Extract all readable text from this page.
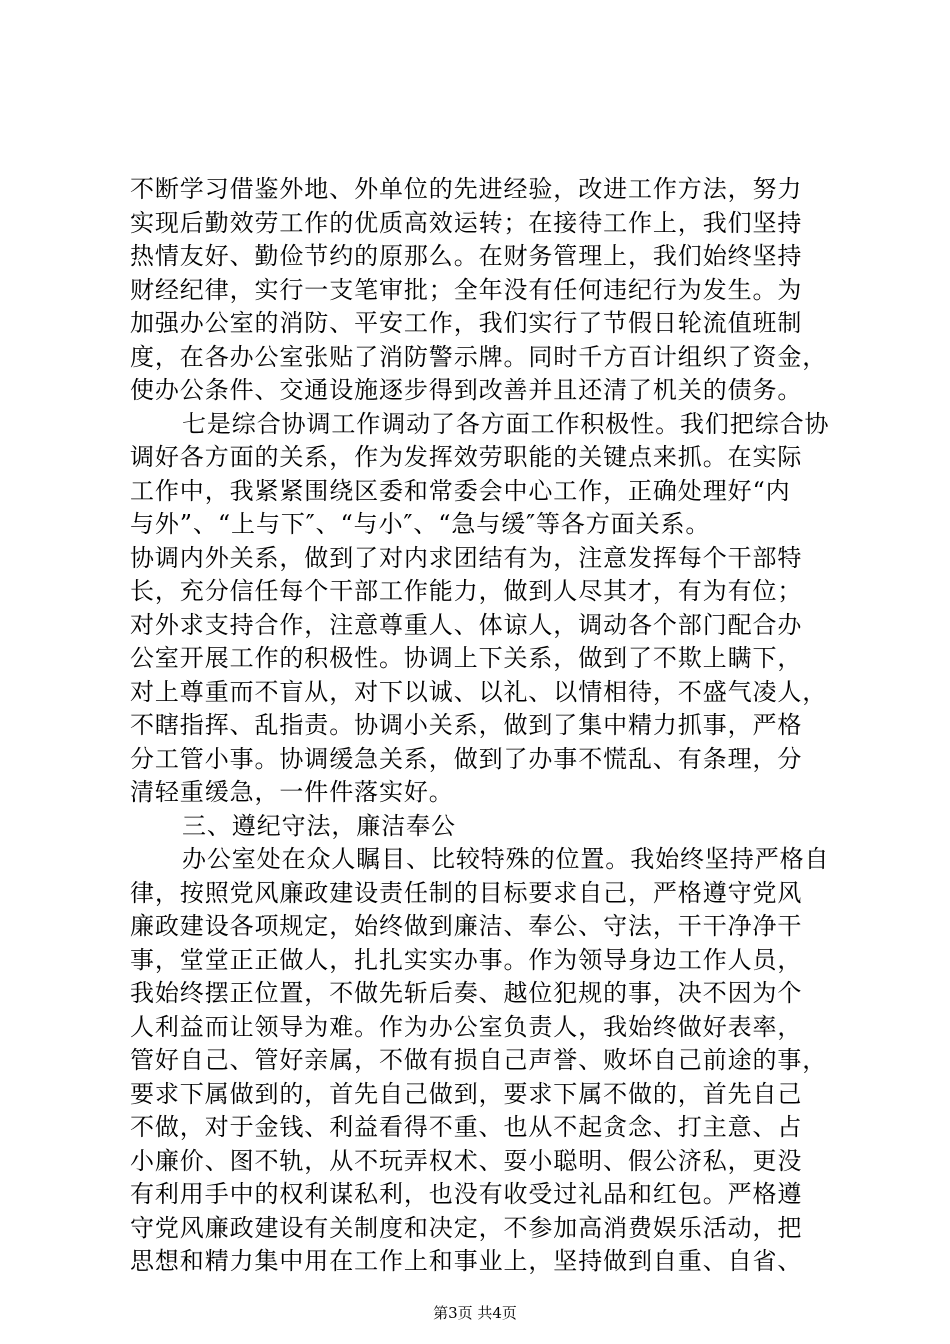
不断学习借鉴外地、外单位的先进经验，改进工作方法，努力
实现后勤效劳工作的优质高效运转；在接待工作上，我们坚持
热情友好、勤俭节约的原那么。在财务管理上，我们始终坚持
财经纪律，实行一支笔审批；全年没有任何违纪行为发生。为
加强办公室的消防、平安工作，我们实行了节假日轮流值班制
度，在各办公室张贴了消防警示牌。同时千方百计组织了资金，
使办公条件、交通设施逐步得到改善并且还清了机关的债务。
七是综合协调工作调动了各方面工作积极性。我们把综合协
调好各方面的关系，作为发挥效劳职能的关键点来抓。在实际
工作中，我紧紧围绕区委和常委会中心工作，正确处理好“内
与外”、“上与下″、“与小″、“急与缓″等各方面关系。
协调内外关系，做到了对内求团结有为，注意发挥每个干部特
长，充分信任每个干部工作能力，做到人尽其才，有为有位；
对外求支持合作，注意尊重人、体谅人，调动各个部门配合办
公室开展工作的积极性。协调上下关系，做到了不欺上瞒下，
对上尊重而不盲从，对下以诚、以礼、以情相待，不盛气凌人，
不瞎指挥、乱指责。协调小关系，做到了集中精力抓事，严格
分工管小事。协调缓急关系，做到了办事不慌乱、有条理，分
清轻重缓急，一件件落实好。
三、遵纪守法，廉洁奉公
办公室处在众人瞩目、比较特殊的位置。我始终坚持严格自
律，按照党风廉政建设责任制的目标要求自己，严格遵守党风
廉政建设各项规定，始终做到廉洁、奉公、守法，干干净净干
事，堂堂正正做人，扎扎实实办事。作为领导身边工作人员，
我始终摆正位置，不做先斩后奏、越位犯规的事，决不因为个
人利益而让领导为难。作为办公室负责人，我始终做好表率，
管好自己、管好亲属，不做有损自己声誉、败坏自己前途的事，
要求下属做到的，首先自己做到，要求下属不做的，首先自己
不做，对于金钱、利益看得不重、也从不起贪念、打主意、占
小廉价、图不轨，从不玩弄权术、耍小聪明、假公济私，更没
有利用手中的权利谋私利，也没有收受过礼品和红包。严格遵
守党风廉政建设有关制度和决定，不参加高消费娱乐活动，把
思想和精力集中用在工作上和事业上，坚持做到自重、自省、
第3页 共4页
